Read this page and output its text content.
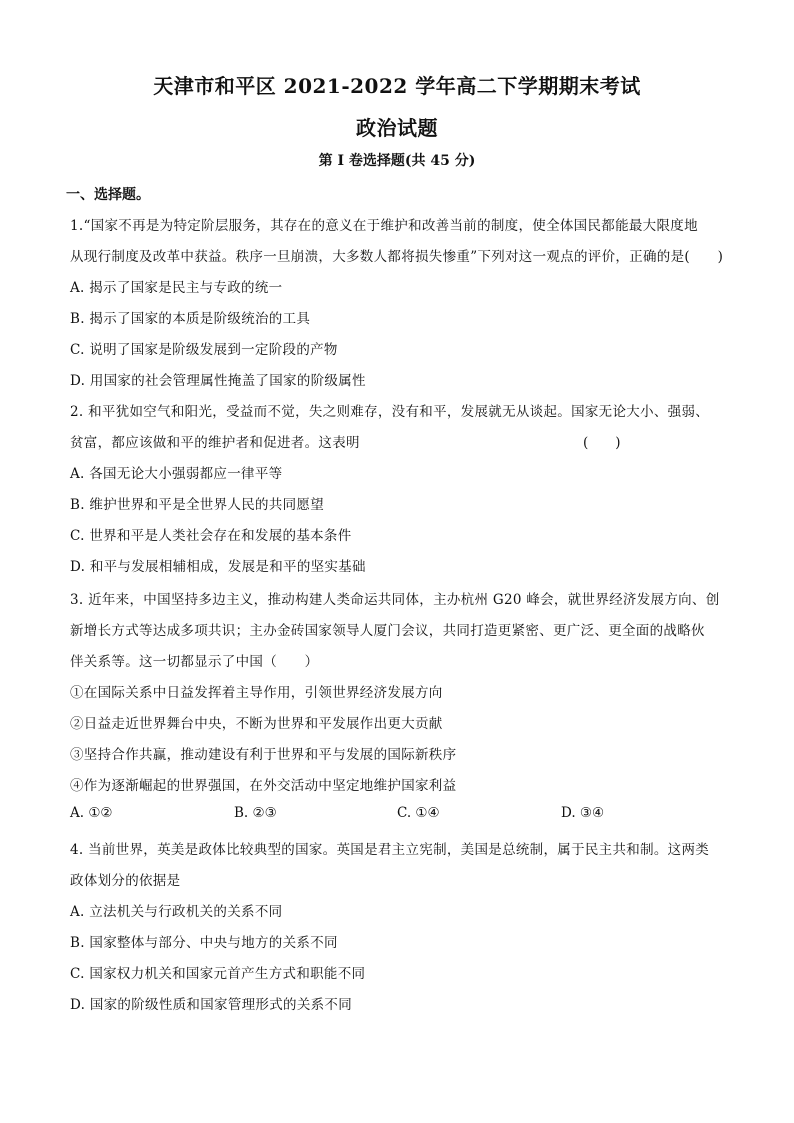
天津市和平区 2021-2022 学年高二下学期期末考试
政治试题
第 I 卷选择题(共 45 分)
一、选择题。
1.“国家不再是为特定阶层服务，其存在的意义在于维护和改善当前的制度，使全体国民都能最大限度地
从现行制度及改革中获益。秩序一旦崩溃，大多数人都将损失惨重”下列对这一观点的评价，正确的是(　　)
A. 揭示了国家是民主与专政的统一
B. 揭示了国家的本质是阶级统治的工具
C. 说明了国家是阶级发展到一定阶段的产物
D. 用国家的社会管理属性掩盖了国家的阶级属性
2. 和平犹如空气和阳光，受益而不觉，失之则难存，没有和平，发展就无从谈起。国家无论大小、强弱、
贫富，都应该做和平的维护者和促进者。这表明	(　　)
A. 各国无论大小强弱都应一律平等
B. 维护世界和平是全世界人民的共同愿望
C. 世界和平是人类社会存在和发展的基本条件
D. 和平与发展相辅相成，发展是和平的坚实基础
3. 近年来，中国坚持多边主义，推动构建人类命运共同体，主办杭州 G20 峰会，就世界经济发展方向、创
新增长方式等达成多项共识；主办金砖国家领导人厦门会议，共同打造更紧密、更广泛、更全面的战略伙
伴关系等。这一切都显示了中国（　　）
①在国际关系中日益发挥着主导作用，引领世界经济发展方向
②日益走近世界舞台中央，不断为世界和平发展作出更大贡献
③坚持合作共赢，推动建设有利于世界和平与发展的国际新秩序
④作为逐渐崛起的世界强国，在外交活动中坚定地维护国家利益
A. ①②	B. ②③	C. ①④	D. ③④
4. 当前世界，英美是政体比较典型的国家。英国是君主立宪制，美国是总统制，属于民主共和制。这两类
政体划分的依据是
A. 立法机关与行政机关的关系不同
B. 国家整体与部分、中央与地方的关系不同
C. 国家权力机关和国家元首产生方式和职能不同
D. 国家的阶级性质和国家管理形式的关系不同
